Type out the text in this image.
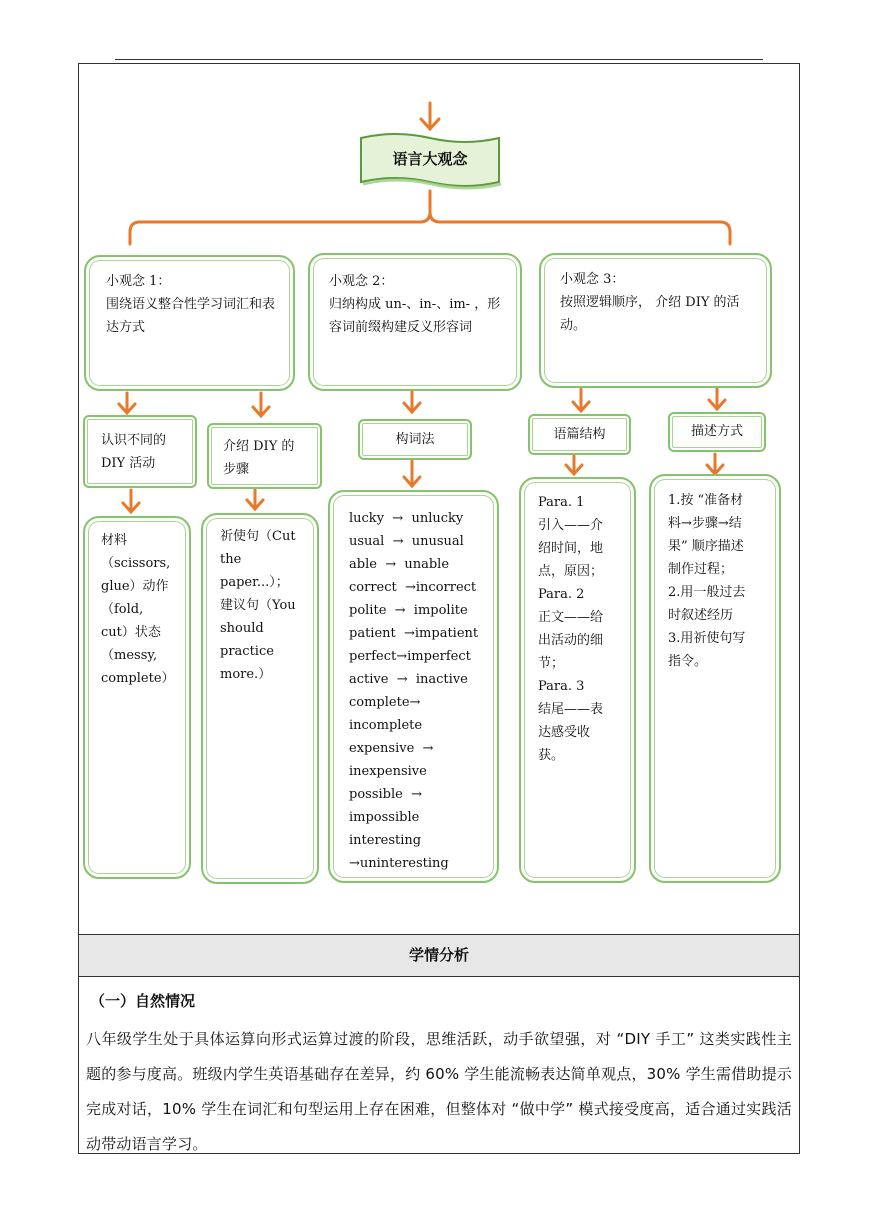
语言大观念
小观念 1：
围绕语义整合性学习词汇和表达方式
小观念 2：
归纳构成 un-、in-、im- ，形容词前缀构建反义形容词
小观念 3：
按照逻辑顺序， 介绍 DIY 的活动。
认识不同的 DIY 活动
介绍 DIY 的步骤
构词法	语篇结构	描述方式
材料
（scissors,
glue）动作
（fold,
cut）状态
（messy,
complete）
祈使句（Cut
the
paper...）；
建议句（You
should
practice
more.）
lucky  →  unlucky
usual  →  unusual
able  →  unable
correct  →incorrect
polite  →  impolite
patient  →impatient
perfect→imperfect
active  →  inactive
complete→
incomplete
expensive  →
inexpensive
possible  →
impossible
interesting
→uninteresting
Para. 1
引入——介
绍时间，地
点，原因；
Para. 2
正文——给
出活动的细
节；
Para. 3
结尾——表
达感受收
获。
1.按 “准备材
料→步骤→结
果” 顺序描述
制作过程；
2.用一般过去
时叙述经历
3.用祈使句写
指令。
学情分析
（一）自然情况
八年级学生处于具体运算向形式运算过渡的阶段，思维活跃，动手欲望强，对 “DIY 手工” 这类实践性主题的参与度高。班级内学生英语基础存在差异，约 60% 学生能流畅表达简单观点，30% 学生需借助提示完成对话，10% 学生在词汇和句型运用上存在困难，但整体对 “做中学” 模式接受度高，适合通过实践活动带动语言学习。
